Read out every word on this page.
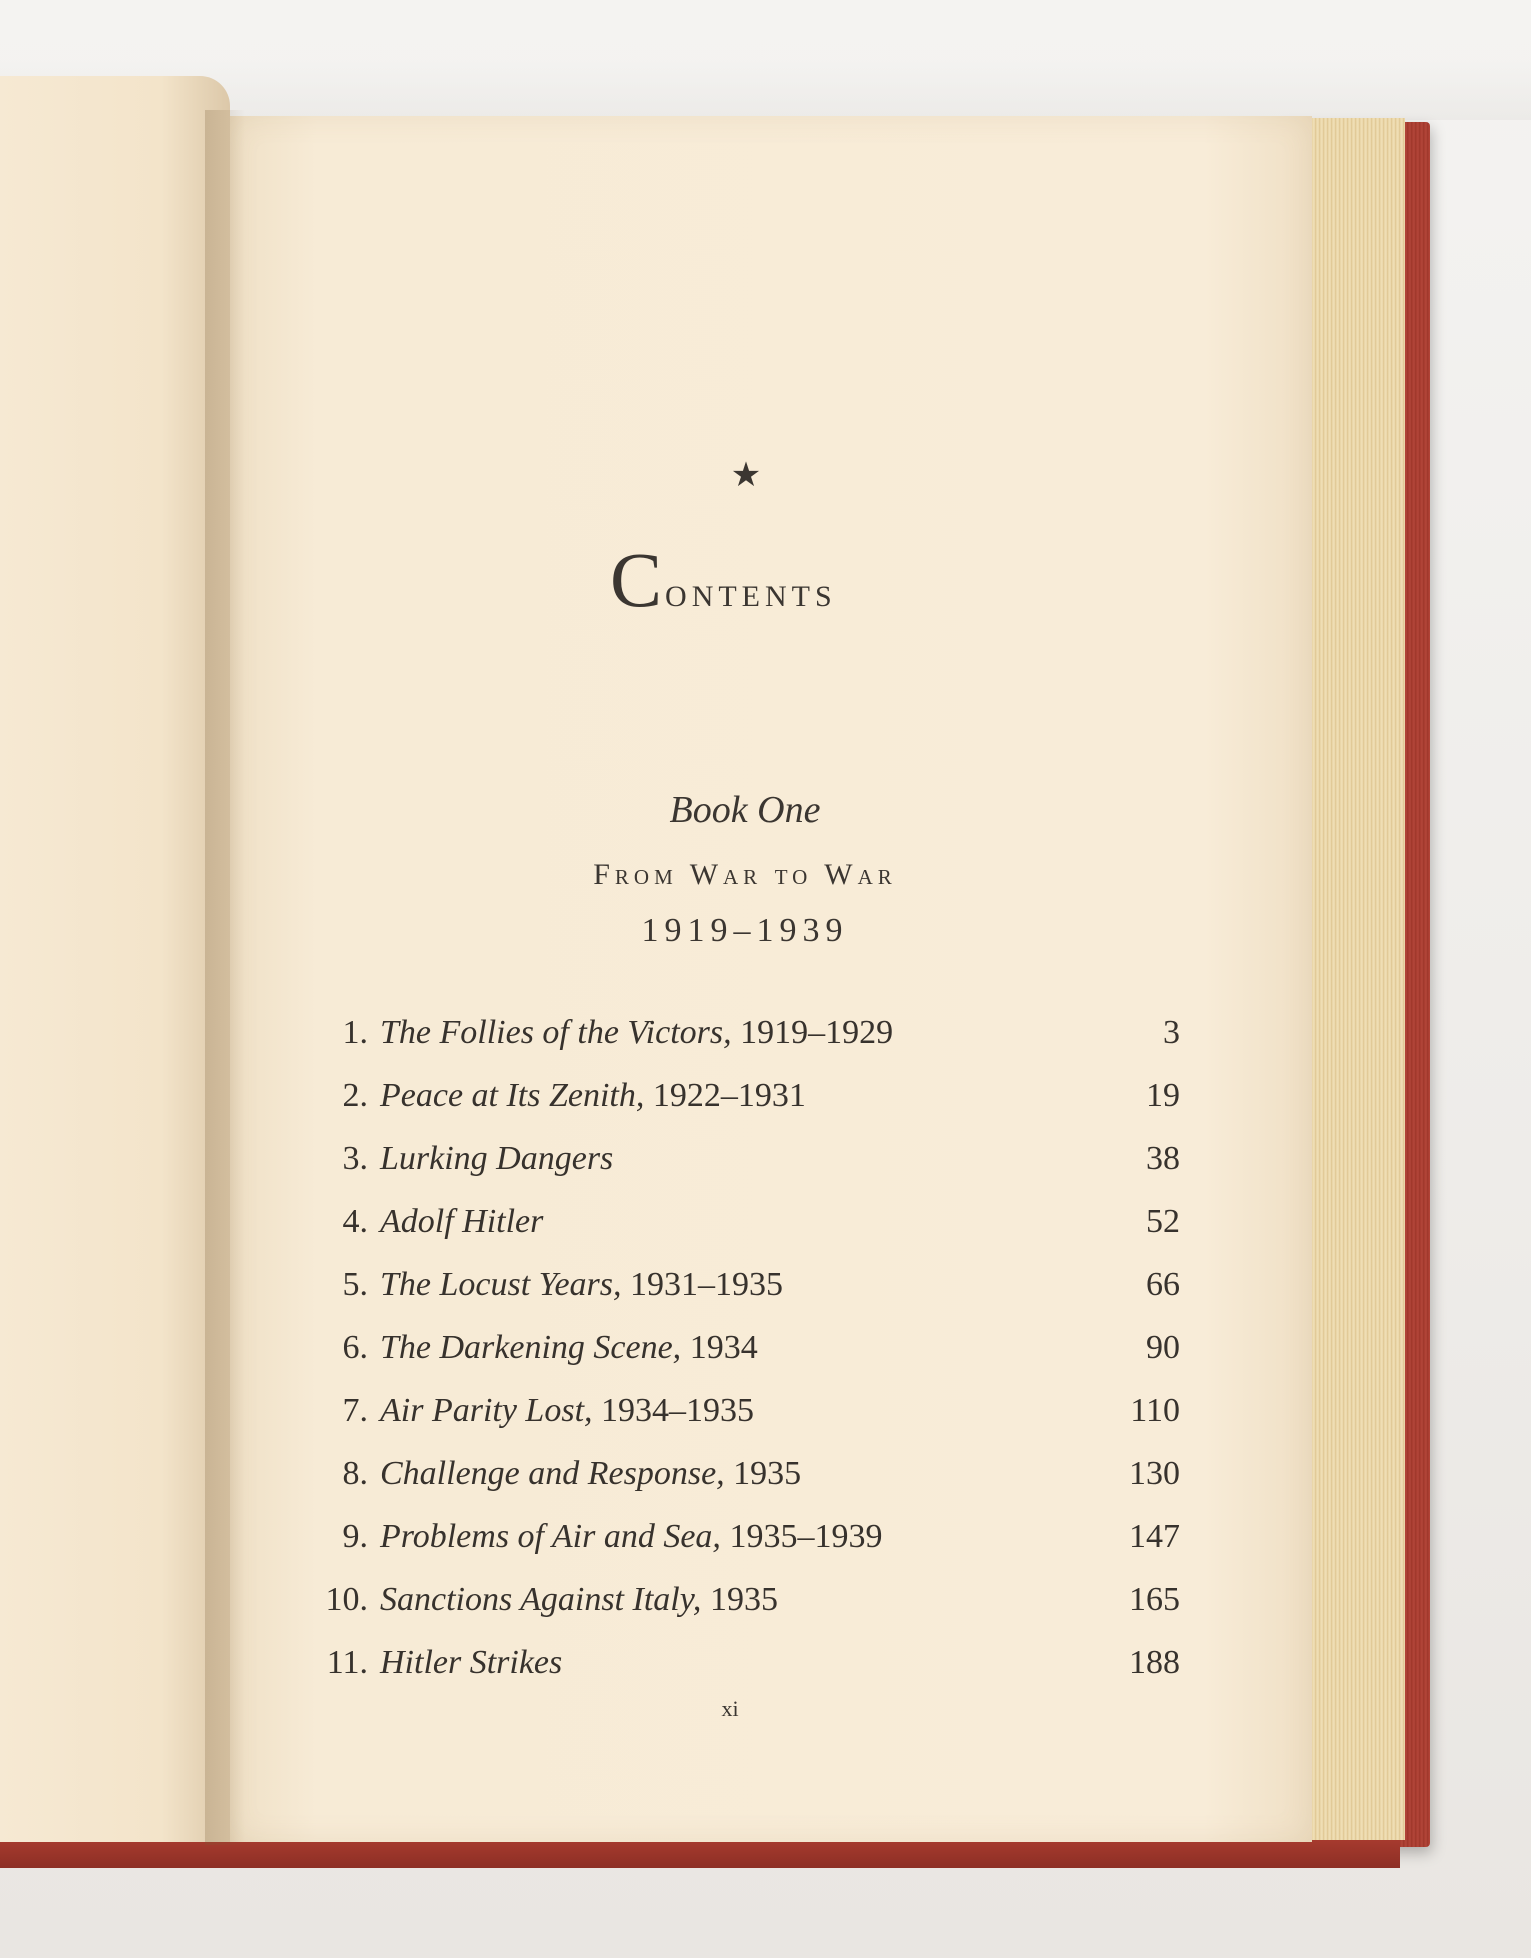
★
CONTENTS
Book One
From War to War
1919–1939
1. The Follies of the Victors, 1919–1929	3
2. Peace at Its Zenith, 1922–1931	19
3. Lurking Dangers	38
4. Adolf Hitler	52
5. The Locust Years, 1931–1935	66
6. The Darkening Scene, 1934	90
7. Air Parity Lost, 1934–1935	110
8. Challenge and Response, 1935	130
9. Problems of Air and Sea, 1935–1939	147
10. Sanctions Against Italy, 1935	165
11. Hitler Strikes	188
xi
